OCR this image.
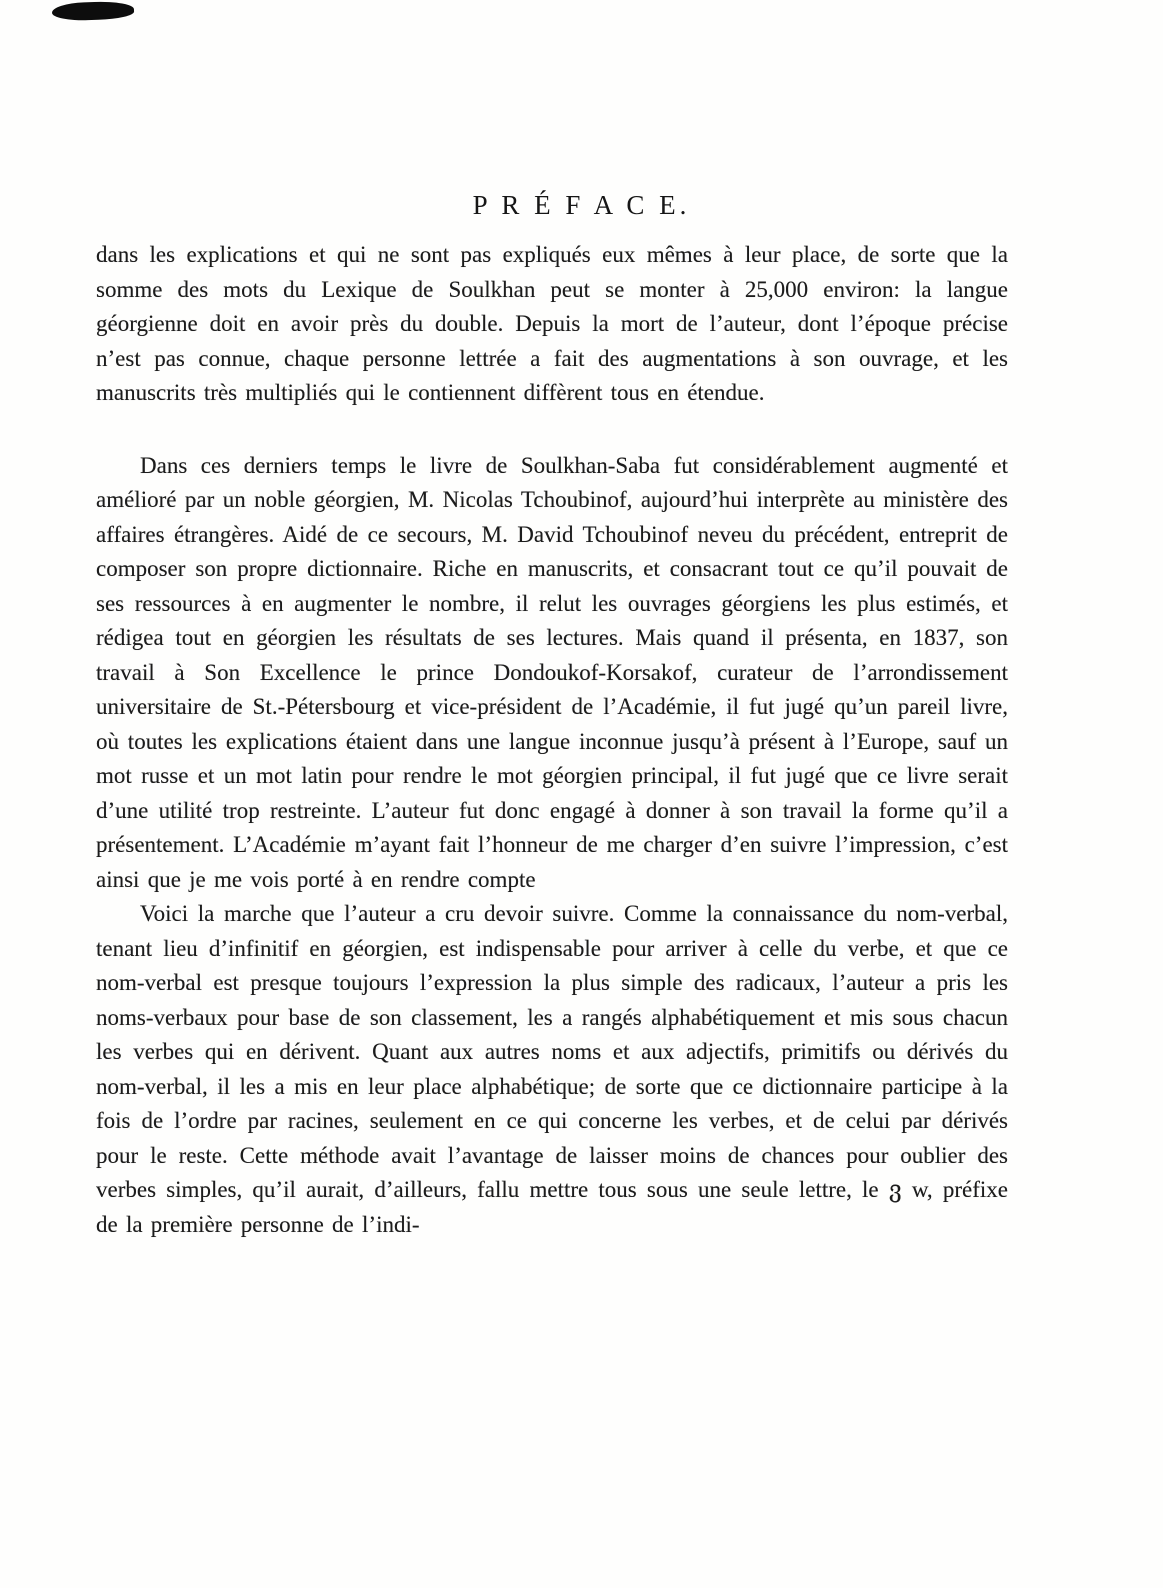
P R É F A C E.

dans les explications et qui ne sont pas expliqués eux mêmes à leur place, de sorte que la somme des mots du Lexique de Soulkhan peut se monter à 25,000 environ: la langue géorgienne doit en avoir près du double. Depuis la mort de l’auteur, dont l’époque précise n’est pas connue, chaque personne lettrée a fait des augmentations à son ouvrage, et les manuscrits très multipliés qui le contiennent diffèrent tous en étendue.

Dans ces derniers temps le livre de Soulkhan-Saba fut considérablement augmenté et amélioré par un noble géorgien, M. Nicolas Tchoubinof, aujourd’hui interprète au ministère des affaires étrangères. Aidé de ce secours, M. David Tchoubinof neveu du précédent, entreprit de composer son propre dictionnaire. Riche en manuscrits, et consacrant tout ce qu’il pouvait de ses ressources à en augmenter le nombre, il relut les ouvrages géorgiens les plus estimés, et rédigea tout en géorgien les résultats de ses lectures. Mais quand il présenta, en 1837, son travail à Son Excellence le prince Dondoukof-Korsakof, curateur de l’arrondissement universitaire de St.-Pétersbourg et vice-président de l’Académie, il fut jugé qu’un pareil livre, où toutes les explications étaient dans une langue inconnue jusqu’à présent à l’Europe, sauf un mot russe et un mot latin pour rendre le mot géorgien principal, il fut jugé que ce livre serait d’une utilité trop restreinte. L’auteur fut donc engagé à donner à son travail la forme qu’il a présentement. L’Académie m’ayant fait l’honneur de me charger d’en suivre l’impression, c’est ainsi que je me vois porté à en rendre compte

Voici la marche que l’auteur a cru devoir suivre. Comme la connaissance du nom-verbal, tenant lieu d’infinitif en géorgien, est indispensable pour arriver à celle du verbe, et que ce nom-verbal est presque toujours l’expression la plus simple des radicaux, l’auteur a pris les noms-verbaux pour base de son classement, les a rangés alphabétiquement et mis sous chacun les verbes qui en dérivent. Quant aux autres noms et aux adjectifs, primitifs ou dérivés du nom-verbal, il les a mis en leur place alphabétique; de sorte que ce dictionnaire participe à la fois de l’ordre par racines, seulement en ce qui concerne les verbes, et de celui par dérivés pour le reste. Cette méthode avait l’avantage de laisser moins de chances pour oublier des verbes simples, qu’il aurait, d’ailleurs, fallu mettre tous sous une seule lettre, le ვ w, préfixe de la première personne de l’indi-
